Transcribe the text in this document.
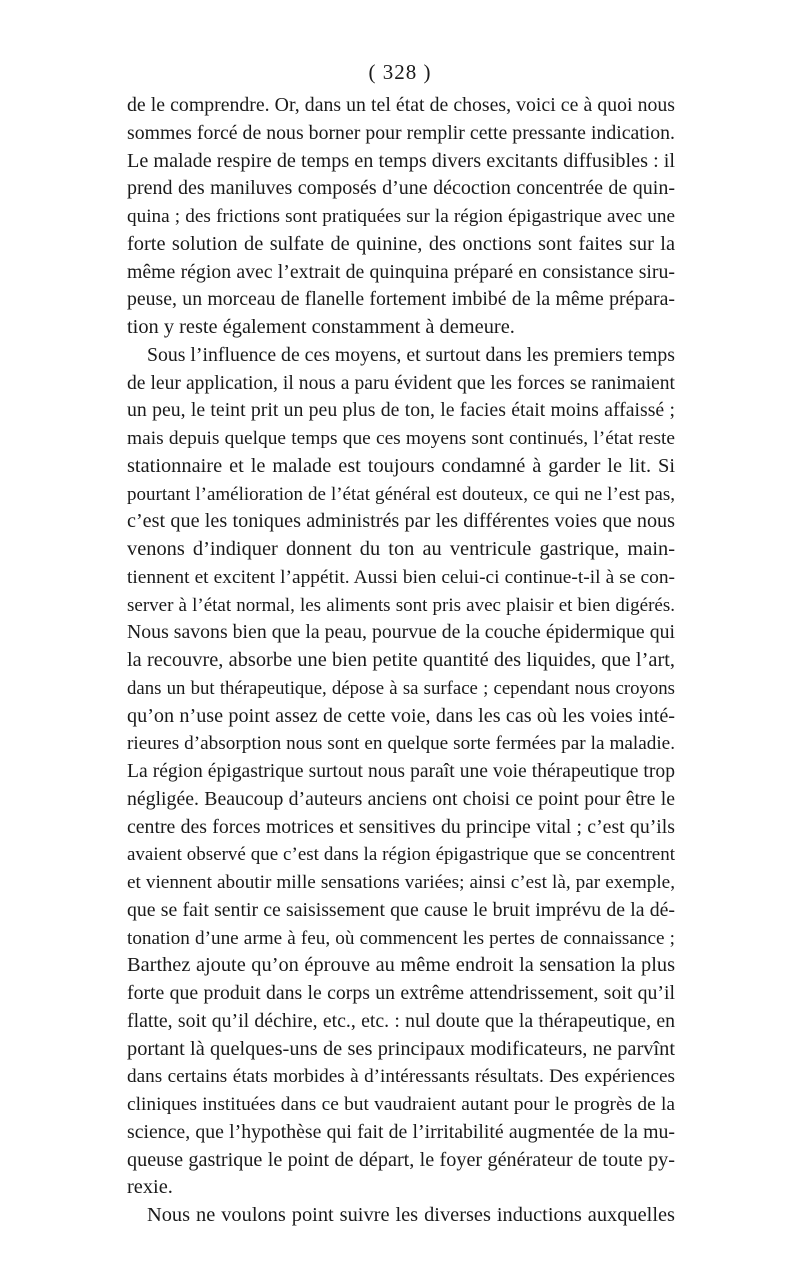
( 328 )
de le comprendre. Or, dans un tel état de choses, voici ce à quoi nous
sommes forcé de nous borner pour remplir cette pressante indication.
Le malade respire de temps en temps divers excitants diffusibles : il
prend des maniluves composés d’une décoction concentrée de quin-
quina ; des frictions sont pratiquées sur la région épigastrique avec une
forte solution de sulfate de quinine, des onctions sont faites sur la
même région avec l’extrait de quinquina préparé en consistance siru-
peuse, un morceau de flanelle fortement imbibé de la même prépara-
tion y reste également constamment à demeure.
Sous l’influence de ces moyens, et surtout dans les premiers temps
de leur application, il nous a paru évident que les forces se ranimaient
un peu, le teint prit un peu plus de ton, le facies était moins affaissé ;
mais depuis quelque temps que ces moyens sont continués, l’état reste
stationnaire et le malade est toujours condamné à garder le lit. Si
pourtant l’amélioration de l’état général est douteux, ce qui ne l’est pas,
c’est que les toniques administrés par les différentes voies que nous
venons d’indiquer donnent du ton au ventricule gastrique, main-
tiennent et excitent l’appétit. Aussi bien celui-ci continue-t-il à se con-
server à l’état normal, les aliments sont pris avec plaisir et bien digérés.
Nous savons bien que la peau, pourvue de la couche épidermique qui
la recouvre, absorbe une bien petite quantité des liquides, que l’art,
dans un but thérapeutique, dépose à sa surface ; cependant nous croyons
qu’on n’use point assez de cette voie, dans les cas où les voies inté-
rieures d’absorption nous sont en quelque sorte fermées par la maladie.
La région épigastrique surtout nous paraît une voie thérapeutique trop
négligée. Beaucoup d’auteurs anciens ont choisi ce point pour être le
centre des forces motrices et sensitives du principe vital ; c’est qu’ils
avaient observé que c’est dans la région épigastrique que se concentrent
et viennent aboutir mille sensations variées; ainsi c’est là, par exemple,
que se fait sentir ce saisissement que cause le bruit imprévu de la dé-
tonation d’une arme à feu, où commencent les pertes de connaissance ;
Barthez ajoute qu’on éprouve au même endroit la sensation la plus
forte que produit dans le corps un extrême attendrissement, soit qu’il
flatte, soit qu’il déchire, etc., etc. : nul doute que la thérapeutique, en
portant là quelques-uns de ses principaux modificateurs, ne parvînt
dans certains états morbides à d’intéressants résultats. Des expériences
cliniques instituées dans ce but vaudraient autant pour le progrès de la
science, que l’hypothèse qui fait de l’irritabilité augmentée de la mu-
queuse gastrique le point de départ, le foyer générateur de toute py-
rexie.
Nous ne voulons point suivre les diverses inductions auxquelles
